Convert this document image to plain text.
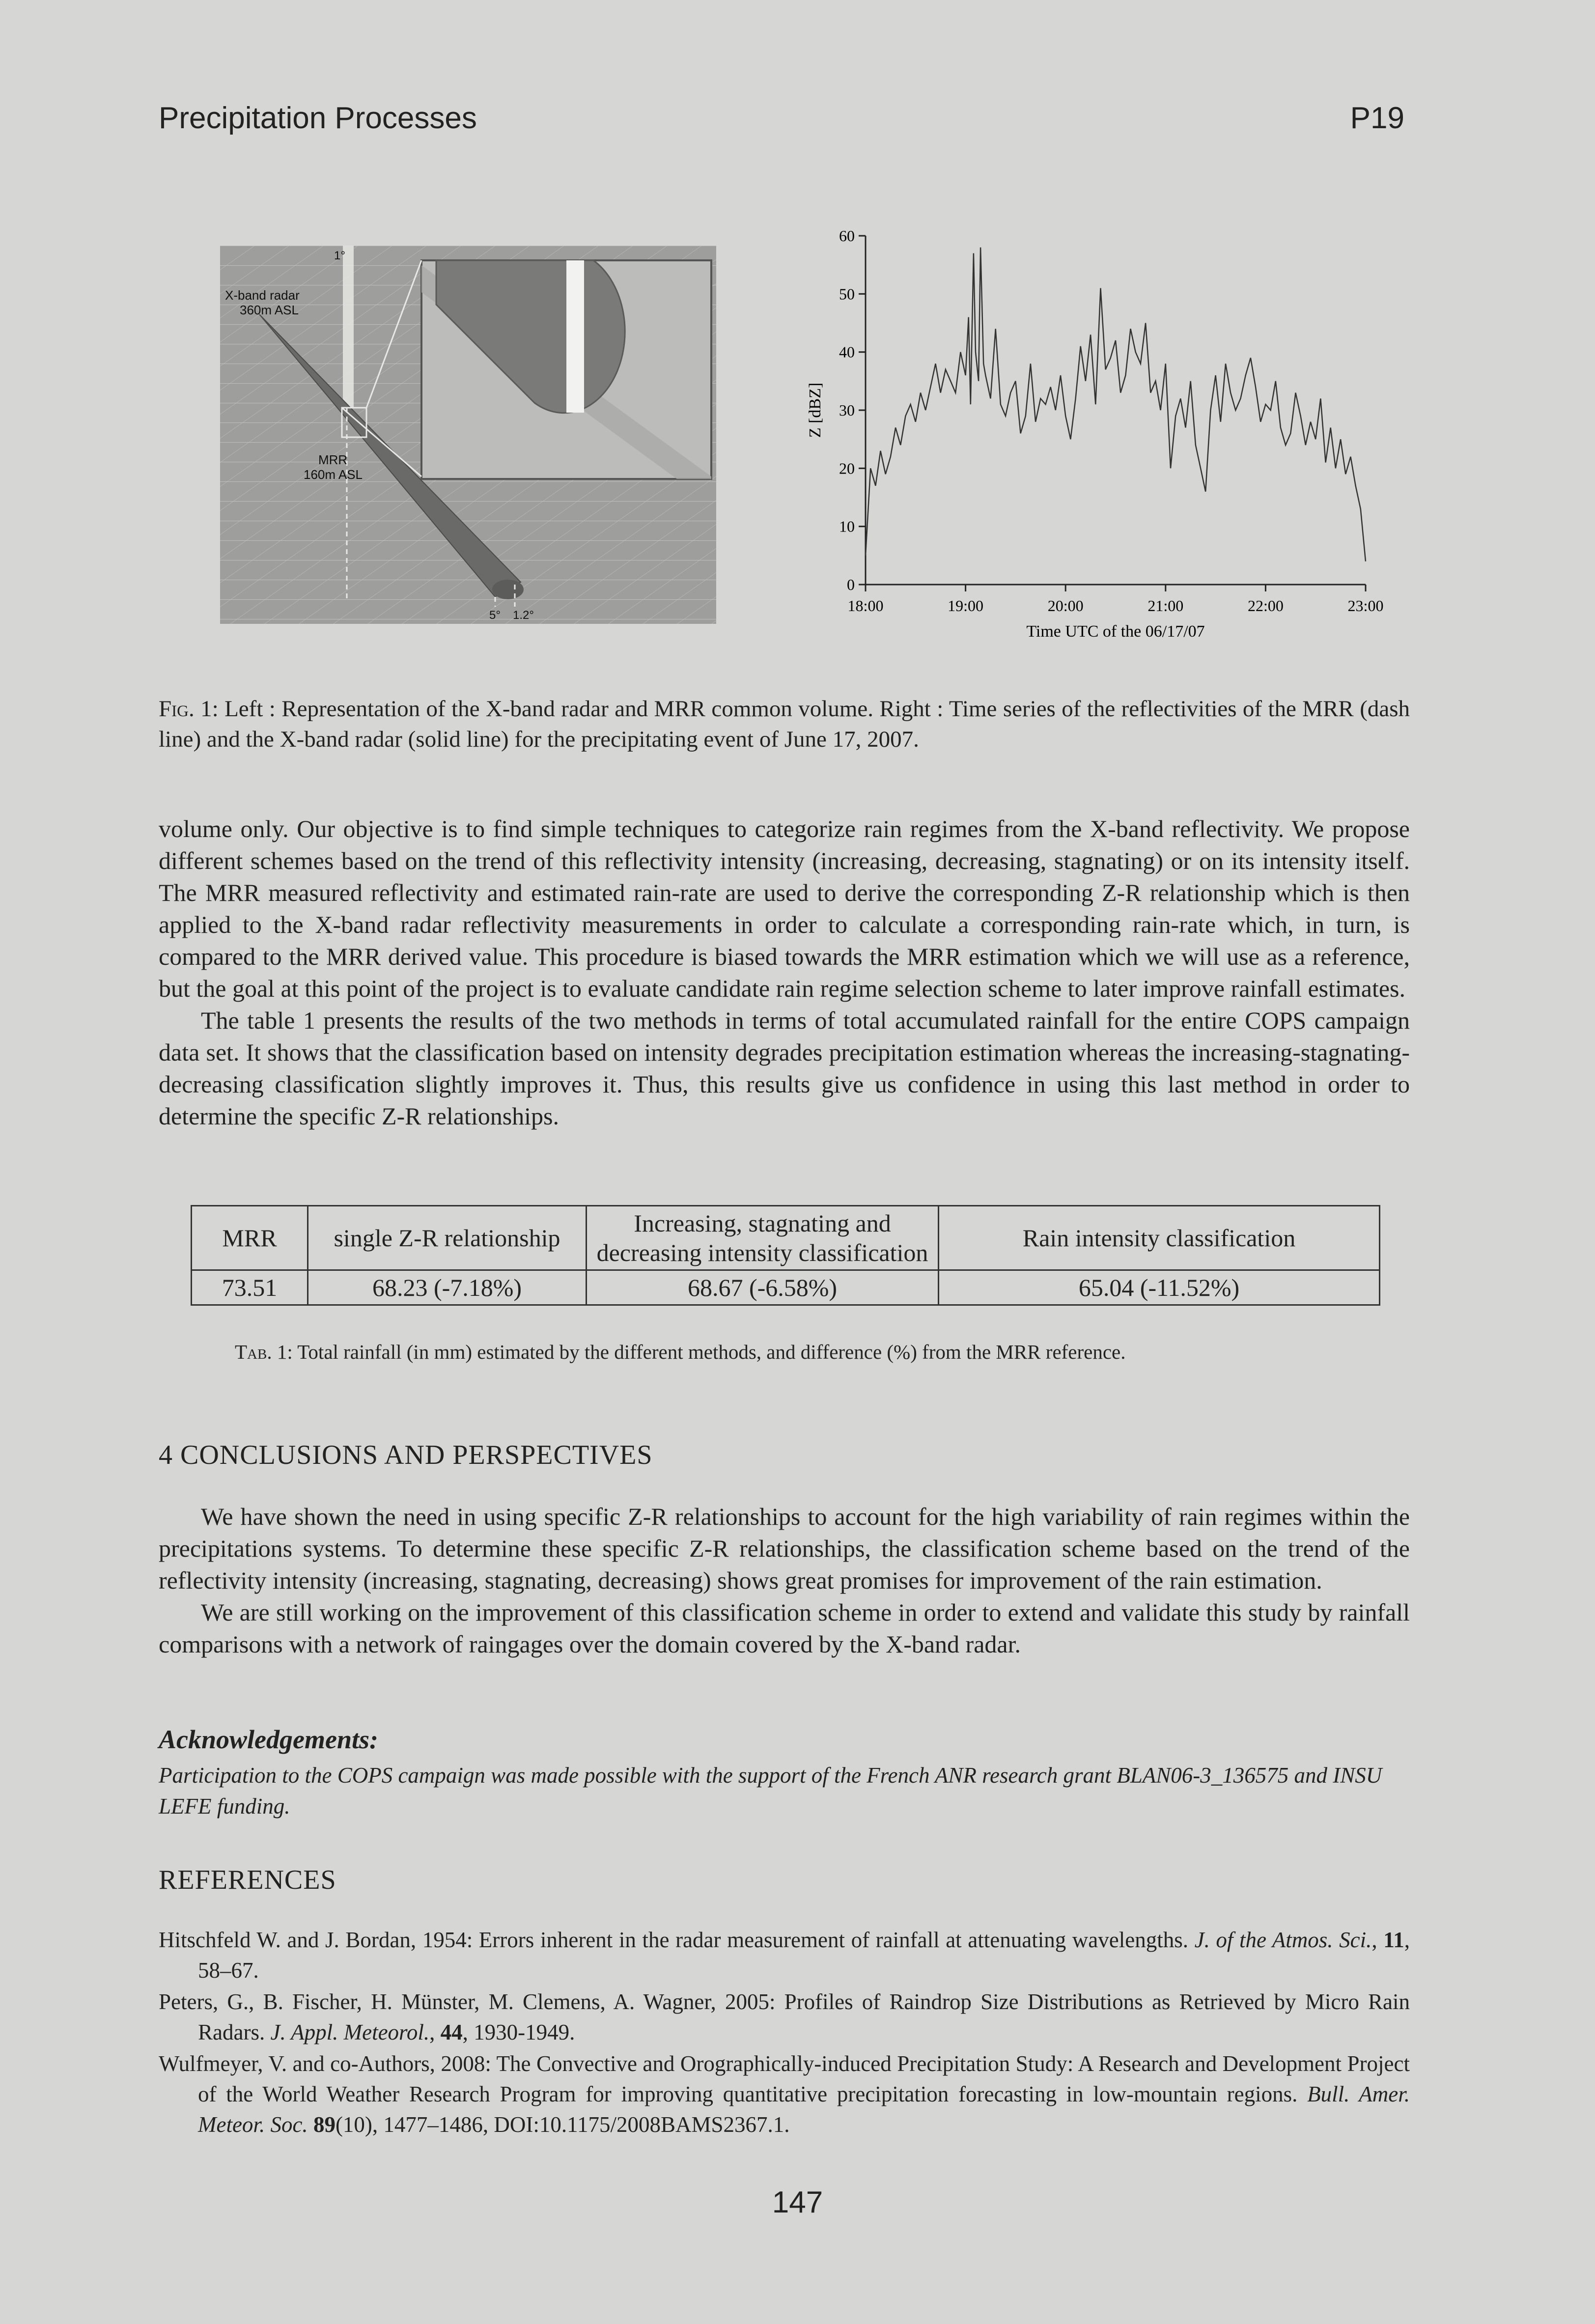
Precipitation Processes	P19
X-band radar
360m ASL
1°
MRR
160m ASL
5° 1.2°
0
10
20
30
40
50
60
18:00	19:00	20:00	21:00	22:00	23:00
Z [dBZ]
Time UTC of the 06/17/07
Fig. 1: Left : Representation of the X-band radar and MRR common volume. Right : Time series of the reflectivities of the MRR (dash line) and the X-band radar (solid line) for the precipitating event of June 17, 2007.

volume only. Our objective is to find simple techniques to categorize rain regimes from the X-band reflectivity. We propose different schemes based on the trend of this reflectivity intensity (increasing, decreasing, stagnating) or on its intensity itself. The MRR measured reflectivity and estimated rain-rate are used to derive the corresponding Z-R relationship which is then applied to the X-band radar reflectivity measurements in order to calculate a corresponding rain-rate which, in turn, is compared to the MRR derived value. This procedure is biased towards the MRR estimation which we will use as a reference, but the goal at this point of the project is to evaluate candidate rain regime selection scheme to later improve rainfall estimates.

The table 1 presents the results of the two methods in terms of total accumulated rainfall for the entire COPS campaign data set. It shows that the classification based on intensity degrades precipitation estimation whereas the increasing-stagnating-decreasing classification slightly improves it. Thus, this results give us confidence in using this last method in order to determine the specific Z-R relationships.

MRR	single Z-R relationship	Increasing, stagnating and decreasing intensity classification	Rain intensity classification
73.51	68.23 (-7.18%)	68.67 (-6.58%)	65.04 (-11.52%)
Tab. 1: Total rainfall (in mm) estimated by the different methods, and difference (%) from the MRR reference.
4 CONCLUSIONS AND PERSPECTIVES

We have shown the need in using specific Z-R relationships to account for the high variability of rain regimes within the precipitations systems. To determine these specific Z-R relationships, the classification scheme based on the trend of the reflectivity intensity (increasing, stagnating, decreasing) shows great promises for improvement of the rain estimation.

We are still working on the improvement of this classification scheme in order to extend and validate this study by rainfall comparisons with a network of raingages over the domain covered by the X-band radar.

Acknowledgements:
Participation to the COPS campaign was made possible with the support of the French ANR research grant BLAN06-3_136575 and INSU LEFE funding.
REFERENCES

Hitschfeld W. and J. Bordan, 1954: Errors inherent in the radar measurement of rainfall at attenuating wavelengths. J. of the Atmos. Sci., 11, 58–67.

Peters, G., B. Fischer, H. Münster, M. Clemens, A. Wagner, 2005: Profiles of Raindrop Size Distributions as Retrieved by Micro Rain Radars. J. Appl. Meteorol., 44, 1930-1949.

Wulfmeyer, V. and co-Authors, 2008: The Convective and Orographically-induced Precipitation Study: A Research and Development Project of the World Weather Research Program for improving quantitative precipitation forecasting in low-mountain regions. Bull. Amer. Meteor. Soc. 89(10), 1477–1486, DOI:10.1175/2008BAMS2367.1.

147
